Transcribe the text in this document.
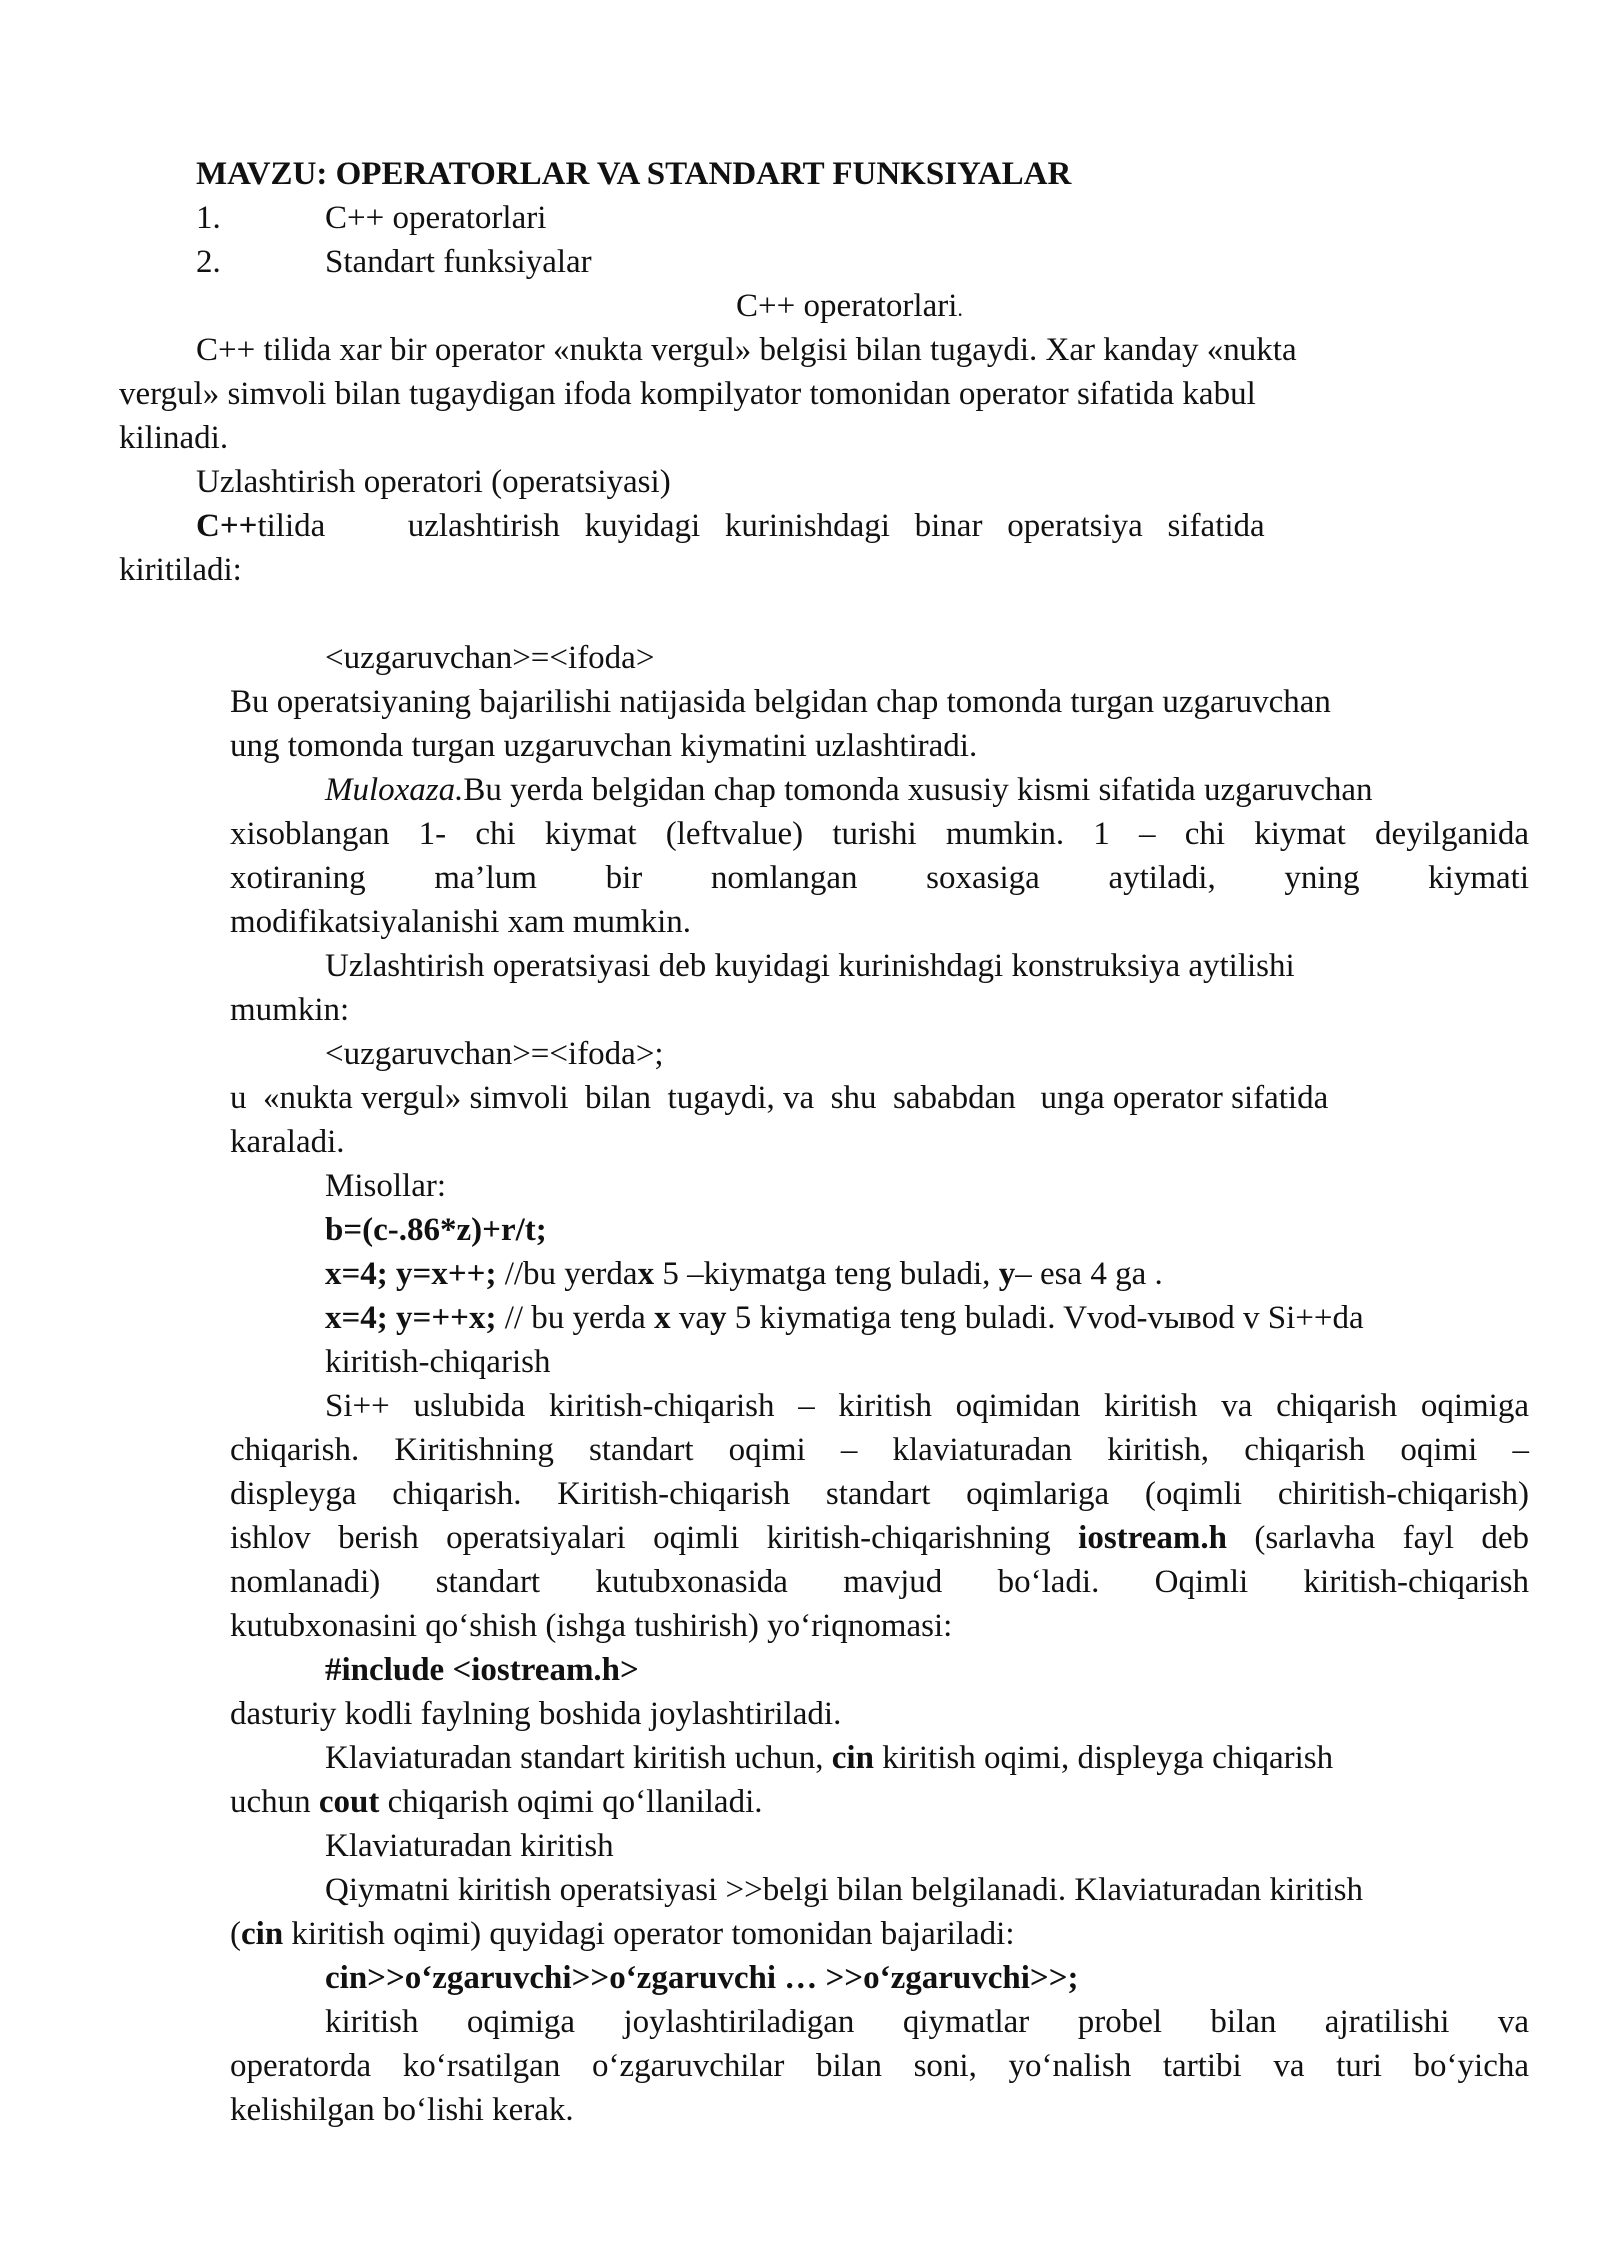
MAVZU: OPERATORLAR VA STANDART FUNKSIYALAR
1.	C++ operatorlari
2.	Standart funksiyalar
C++ operatorlari.
C++ tilida xar bir operator «nukta vergul» belgisi bilan tugaydi. Xar kanday «nukta
vergul» simvoli bilan tugaydigan ifoda kompilyator tomonidan operator sifatida kabul
kilinadi.
Uzlashtirish operatori (operatsiyasi)
C++tilida          uzlashtirish   kuyidagi   kurinishdagi   binar   operatsiya   sifatida
kiritiladi:
<uzgaruvchan>=<ifoda>
Bu operatsiyaning bajarilishi natijasida belgidan chap tomonda turgan uzgaruvchan
ung tomonda turgan uzgaruvchan kiymatini uzlashtiradi.
Muloxaza.Bu yerda belgidan chap tomonda xususiy kismi sifatida uzgaruvchan
xisoblangan 1- chi kiymat (leftvalue) turishi mumkin. 1 – chi kiymat deyilganida
xotiraning ma’lum bir nomlangan soxasiga aytiladi, yning kiymati
modifikatsiyalanishi xam mumkin.
Uzlashtirish operatsiyasi deb kuyidagi kurinishdagi konstruksiya aytilishi
mumkin:
<uzgaruvchan>=<ifoda>;
u  «nukta vergul» simvoli  bilan  tugaydi, va  shu  sababdan   unga operator sifatida
karaladi.
Misollar:
b=(c-.86*z)+r/t;
x=4; y=x++; //bu yerdax 5 –kiymatga teng buladi, y– esa 4 ga .
x=4; y=++x; // bu yerda x vay 5 kiymatiga teng buladi. Vvod-vывod v Si++da
kiritish-chiqarish
Si++ uslubida kiritish-chiqarish – kiritish oqimidan kiritish va chiqarish oqimiga
chiqarish. Kiritishning standart oqimi – klaviaturadan kiritish, chiqarish oqimi –
displeyga chiqarish. Kiritish-chiqarish standart oqimlariga (oqimli chiritish-chiqarish)
ishlov berish operatsiyalari oqimli kiritish-chiqarishning iostream.h (sarlavha fayl deb
nomlanadi) standart kutubxonasida mavjud bo‘ladi. Oqimli kiritish-chiqarish
kutubxonasini qo‘shish (ishga tushirish) yo‘riqnomasi:
#include <iostream.h>
dasturiy kodli faylning boshida joylashtiriladi.
Klaviaturadan standart kiritish uchun, cin kiritish oqimi, displeyga chiqarish
uchun cout chiqarish oqimi qo‘llaniladi.
Klaviaturadan kiritish
Qiymatni kiritish operatsiyasi >>belgi bilan belgilanadi. Klaviaturadan kiritish
(cin kiritish oqimi) quyidagi operator tomonidan bajariladi:
cin>>o‘zgaruvchi>>o‘zgaruvchi … >>o‘zgaruvchi>>;
kiritish oqimiga joylashtiriladigan qiymatlar probel bilan ajratilishi va
operatorda ko‘rsatilgan o‘zgaruvchilar bilan soni, yo‘nalish tartibi va turi bo‘yicha
kelishilgan bo‘lishi kerak.
